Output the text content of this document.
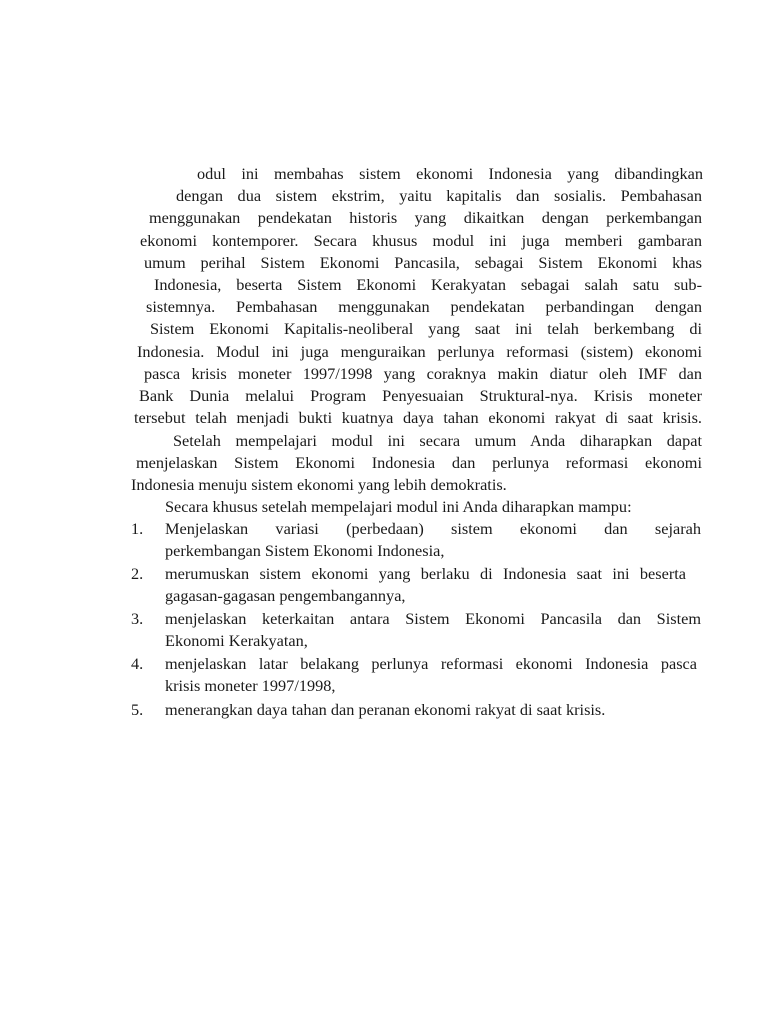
odul ini membahas sistem ekonomi Indonesia yang dibandingkan
dengan dua sistem ekstrim, yaitu kapitalis dan sosialis. Pembahasan
menggunakan pendekatan historis yang dikaitkan dengan perkembangan
ekonomi kontemporer. Secara khusus modul ini juga memberi gambaran
umum perihal Sistem Ekonomi Pancasila, sebagai Sistem Ekonomi khas
Indonesia, beserta Sistem Ekonomi Kerakyatan sebagai salah satu sub-
sistemnya. Pembahasan menggunakan pendekatan perbandingan dengan
Sistem Ekonomi Kapitalis-neoliberal yang saat ini telah berkembang di
Indonesia. Modul ini juga menguraikan perlunya reformasi (sistem) ekonomi
pasca krisis moneter 1997/1998 yang coraknya makin diatur oleh IMF dan
Bank Dunia melalui Program Penyesuaian Struktural-nya. Krisis moneter
tersebut telah menjadi bukti kuatnya daya tahan ekonomi rakyat di saat krisis.
Setelah mempelajari modul ini secara umum Anda diharapkan dapat
menjelaskan Sistem Ekonomi Indonesia dan perlunya reformasi ekonomi
Indonesia menuju sistem ekonomi yang lebih demokratis.
Secara khusus setelah mempelajari modul ini Anda diharapkan mampu:
1. Menjelaskan variasi (perbedaan) sistem ekonomi dan sejarah
perkembangan Sistem Ekonomi Indonesia,
2. merumuskan sistem ekonomi yang berlaku di Indonesia saat ini beserta
gagasan-gagasan pengembangannya,
3. menjelaskan keterkaitan antara Sistem Ekonomi Pancasila dan Sistem
Ekonomi Kerakyatan,
4. menjelaskan latar belakang perlunya reformasi ekonomi Indonesia pasca
krisis moneter 1997/1998,
5. menerangkan daya tahan dan peranan ekonomi rakyat di saat krisis.
